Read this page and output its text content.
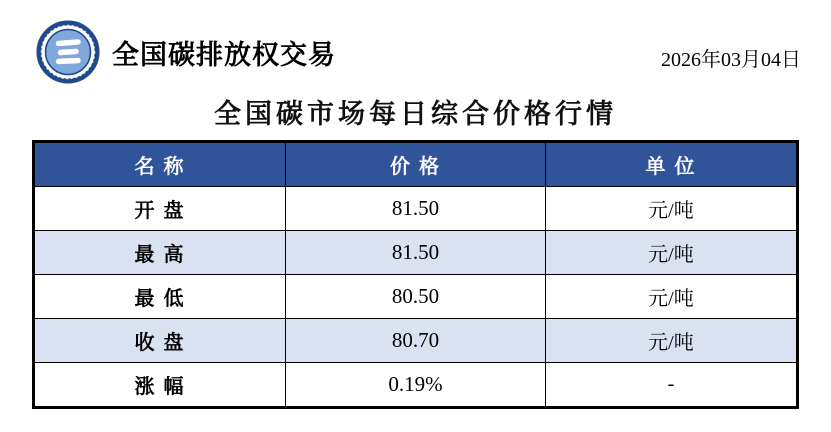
全国碳排放权交易	2026年03月04日
全国碳市场每日综合价格行情
名 称	价 格	单 位
开 盘	81.50	元/吨
最 高	81.50	元/吨
最 低	80.50	元/吨
收 盘	80.70	元/吨
涨 幅	0.19%	-
